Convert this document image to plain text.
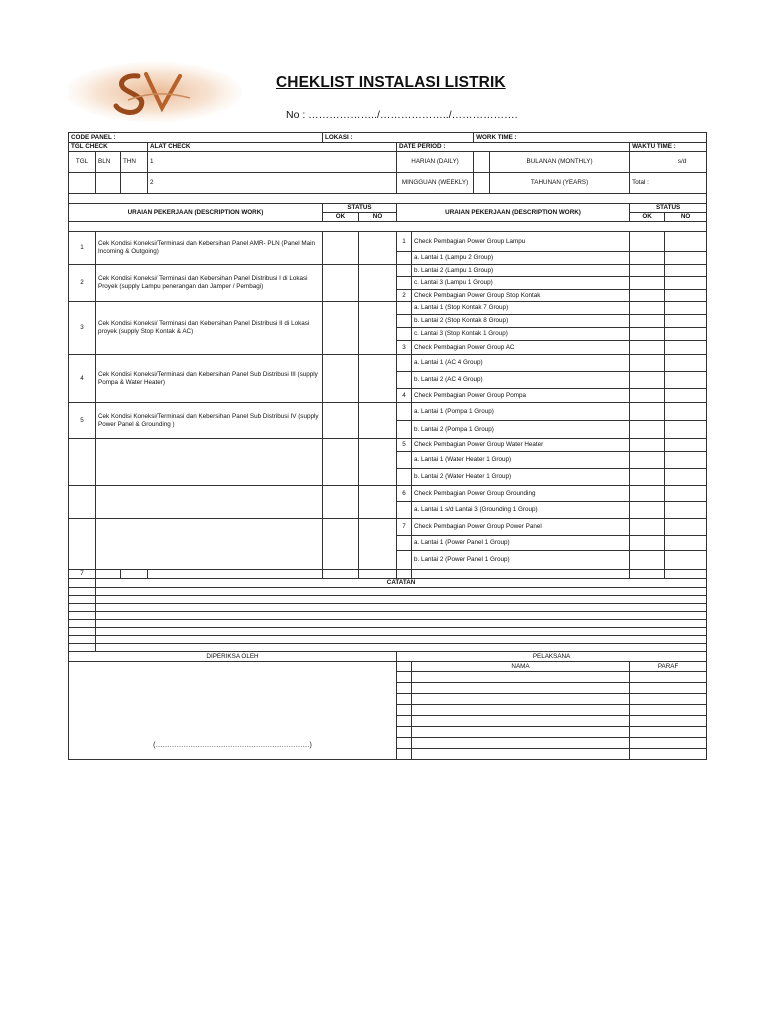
CHEKLIST INSTALASI LISTRIK
No : ………………../………………../……………….
CODE PANEL :				LOKASI :				WORK TIME :			
TGL CHECK			ALAT CHECK			DATE PERIOD :				WAKTU TIME :	
TGL	BLN	THN	1			HARIAN (DAILY)			BULANAN (MONTHLY)	s/d	
			2			MINGGUAN (WEEKLY)			TAHUNAN (YEARS)	Total :	

URAIAN PEKERJAAN (DESCRIPTION WORK)				STATUS		URAIAN PEKERJAAN (DESCRIPTION WORK)				STATUS	
				OK	NO					OK	NO

1	Cek Kondisi Koneksi/Terminasi dan Kebersihan Panel AMR- PLN (Panel Main Incoming & Outgoing)					1	Check Pembagian Power Group Lampu				
							a. Lantai 1 (Lampu 2 Group)				
2	Cek Kondisi Koneksi/ Terminasi dan Kebersihan Panel Distribusi I di Lokasi Proyek (supply Lampu penerangan dan Jamper / Pembagi)						b. Lantai 2 (Lampu 1 Group)				
							c. Lantai 3 (Lampu 1 Group)				
						2	Check Pembagian Power Group Stop Kontak				
3	Cek Kondisi Koneksi/ Terminasi dan Kebersihan Panel Distribusi II di Lokasi proyek (supply Stop Kontak & AC)						a. Lantai 1 (Stop Kontak 7 Group)				
							b. Lantai 2 (Stop Kontak 8 Group)				
							c. Lantai 3 (Stop Kontak 1 Group)				
						3	Check Pembagian Power Group AC				
4	Cek Kondisi Koneksi/Terminasi dan Kebersihan Panel Sub Distribusi III (supply Pompa & Water Heater)						a. Lantai 1 (AC 4 Group)				
							b. Lantai 2 (AC 4 Group)				
						4	Check Pembagian Power Group Pompa				
5	Cek Kondisi Koneksi/Terminasi dan Kebersihan Panel Sub Distribusi IV (supply Power Panel & Grounding )						a. Lantai 1 (Pompa 1 Group)				
							b. Lantai 2 (Pompa 1 Group)				
						5	Check Pembagian Power Group Water Heater				
							a. Lantai 1 (Water Heater 1 Group)				
							b. Lantai 2 (Water Heater 1 Group)				
						6	Check Pembagian Power Group Grounding				
							a. Lantai 1 s/d Lantai 3 (Grounding 1 Group)				
						7	Check Pembagian Power Group Power Panel				
							a. Lantai 1 (Power Panel 1 Group)				
							b. Lantai 2 (Power Panel 1 Group)				
7											
	CATATAN										

DIPERIKSA OLEH						PELAKSANA					

(…………………………………………………………)							NAMA			PARAF	
